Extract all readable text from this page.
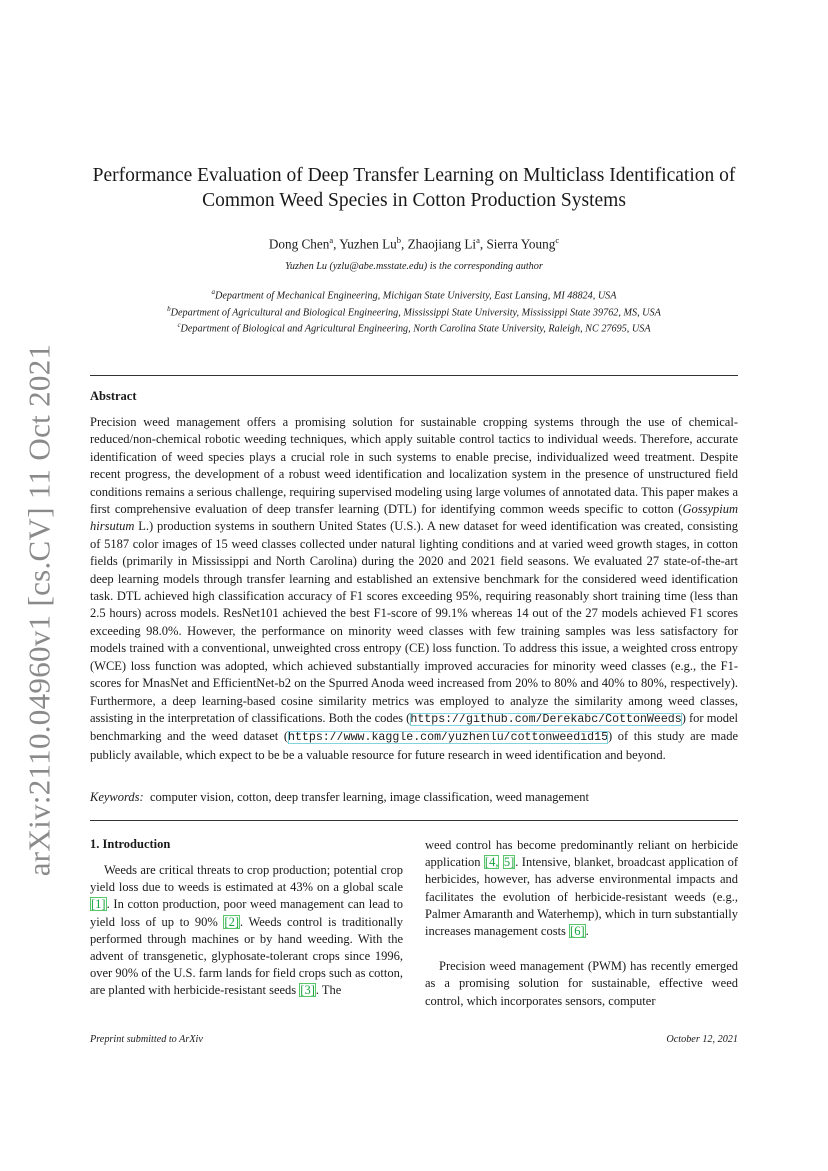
arXiv:2110.04960v1 [cs.CV] 11 Oct 2021
Performance Evaluation of Deep Transfer Learning on Multiclass Identification of Common Weed Species in Cotton Production Systems
Dong Chen$^a$, Yuzhen Lu$^b$, Zhaojiang Li$^a$, Sierra Young$^c$
Yuzhen Lu (yzlu@abe.msstate.edu) is the corresponding author
$^a$Department of Mechanical Engineering, Michigan State University, East Lansing, MI 48824, USA
$^b$Department of Agricultural and Biological Engineering, Mississippi State University, Mississippi State 39762, MS, USA
$^c$Department of Biological and Agricultural Engineering, North Carolina State University, Raleigh, NC 27695, USA
Abstract

Precision weed management offers a promising solution for sustainable cropping systems through the use of chemical-reduced/non-chemical robotic weeding techniques, which apply suitable control tactics to individual weeds. Therefore, accurate identification of weed species plays a crucial role in such systems to enable precise, individualized weed treatment. Despite recent progress, the development of a robust weed identification and localization system in the presence of unstructured field conditions remains a serious challenge, requiring supervised modeling using large volumes of annotated data. This paper makes a first comprehensive evaluation of deep transfer learning (DTL) for identifying common weeds specific to cotton (Gossypium hirsutum L.) production systems in southern United States (U.S.). A new dataset for weed identification was created, consisting of 5187 color images of 15 weed classes collected under natural lighting conditions and at varied weed growth stages, in cotton fields (primarily in Mississippi and North Carolina) during the 2020 and 2021 field seasons. We evaluated 27 state-of-the-art deep learning models through transfer learning and established an extensive benchmark for the considered weed identification task. DTL achieved high classification accuracy of F1 scores exceeding 95%, requiring reasonably short training time (less than 2.5 hours) across models. ResNet101 achieved the best F1-score of 99.1% whereas 14 out of the 27 models achieved F1 scores exceeding 98.0%. However, the performance on minority weed classes with few training samples was less satisfactory for models trained with a conventional, unweighted cross entropy (CE) loss function. To address this issue, a weighted cross entropy (WCE) loss function was adopted, which achieved substantially improved accuracies for minority weed classes (e.g., the F1-scores for MnasNet and EfficientNet-b2 on the Spurred Anoda weed increased from 20% to 80% and 40% to 80%, respectively). Furthermore, a deep learning-based cosine similarity metrics was employed to analyze the similarity among weed classes, assisting in the interpretation of classifications. Both the codes (https://github.com/Derekabc/CottonWeeds) for model benchmarking and the weed dataset (https://www.kaggle.com/yuzhenlu/cottonweedid15) of this study are made publicly available, which expect to be be a valuable resource for future research in weed identification and beyond.

Keywords: computer vision, cotton, deep transfer learning, image classification, weed management
1. Introduction

Weeds are critical threats to crop production; potential crop yield loss due to weeds is estimated at 43% on a global scale [1]. In cotton production, poor weed management can lead to yield loss of up to 90% [2]. Weeds control is traditionally performed through machines or by hand weeding. With the advent of transgenetic, glyphosate-tolerant crops since 1996, over 90% of the U.S. farm lands for field crops such as cotton, are planted with herbicide-resistant seeds [3]. The

weed control has become predominantly reliant on herbicide application [4, 5]. Intensive, blanket, broadcast application of herbicides, however, has adverse environmental impacts and facilitates the evolution of herbicide-resistant weeds (e.g., Palmer Amaranth and Waterhemp), which in turn substantially increases management costs [6].

Precision weed management (PWM) has recently emerged as a promising solution for sustainable, effective weed control, which incorporates sensors, computer

Preprint submitted to ArXiv	October 12, 2021
